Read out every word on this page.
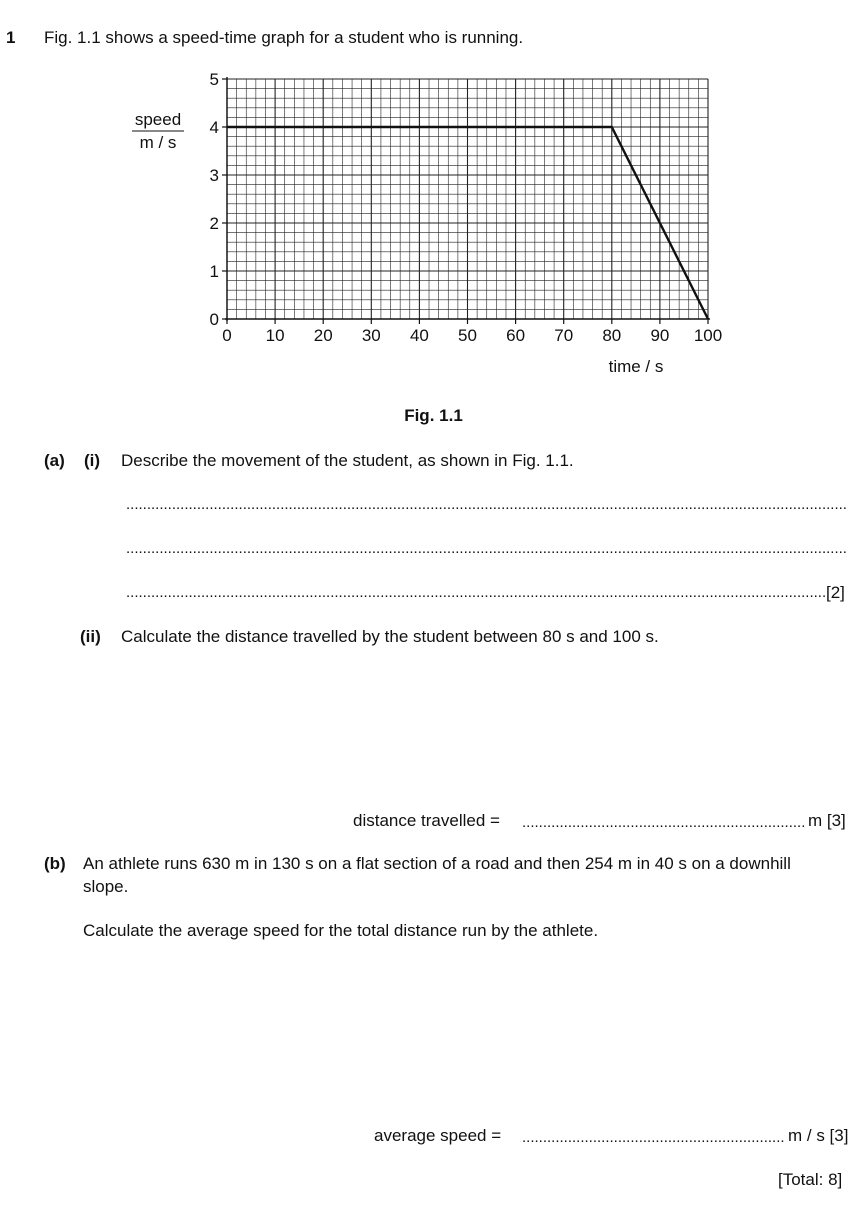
1 Fig. 1.1 shows a speed-time graph for a student who is running.
0
1
2
3
4
5
0 10 20 30 40 50 60 70 80 90 100
speed
m / s
time / s
Fig. 1.1
(a) (i) Describe the movement of the student, as shown in Fig. 1.1.
.....
.....
.....
[2]
(ii) Calculate the distance travelled by the student between 80 s and 100 s.
distance travelled = .....	m [3]
(b) An athlete runs 630 m in 130 s on a flat section of a road and then 254 m in 40 s on a downhill
slope.
Calculate the average speed for the total distance run by the athlete.
average speed = .....	m / s [3]
[Total: 8]
